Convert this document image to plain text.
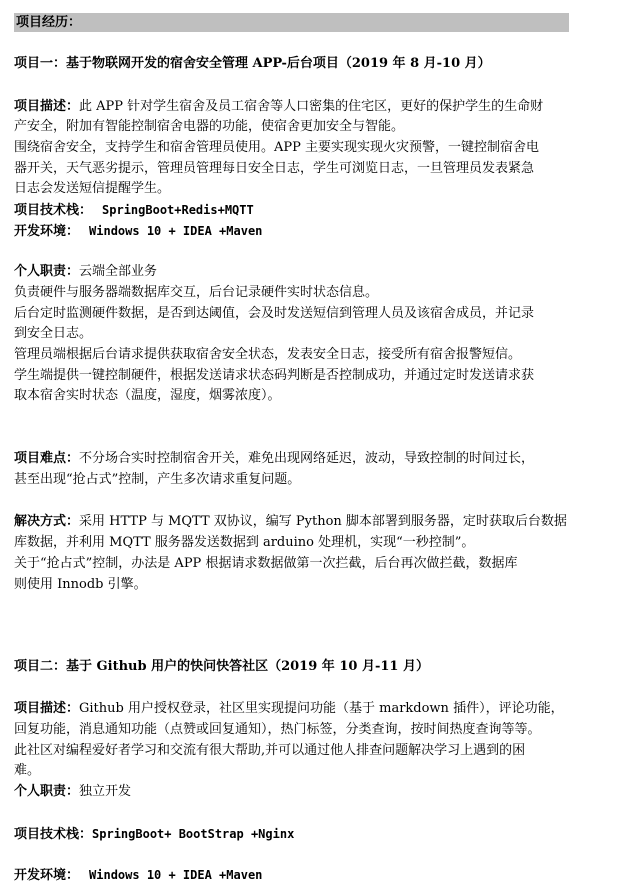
项目经历：
项目一：基于物联网开发的宿舍安全管理 APP-后台项目（2019 年 8 月-10 月）
项目描述：此 APP 针对学生宿舍及员工宿舍等人口密集的住宅区，更好的保护学生的生命财
产安全，附加有智能控制宿舍电器的功能，使宿舍更加安全与智能。
围绕宿舍安全，支持学生和宿舍管理员使用。APP 主要实现实现火灾预警，一键控制宿舍电
器开关，天气恶劣提示，管理员管理每日安全日志，学生可浏览日志，一旦管理员发表紧急
日志会发送短信提醒学生。
项目技术栈： SpringBoot+Redis+MQTT
开发环境： Windows 10 + IDEA +Maven
个人职责：云端全部业务
负责硬件与服务器端数据库交互，后台记录硬件实时状态信息。
后台定时监测硬件数据，是否到达阈值，会及时发送短信到管理人员及该宿舍成员，并记录
到安全日志。
管理员端根据后台请求提供获取宿舍安全状态，发表安全日志，接受所有宿舍报警短信。
学生端提供一键控制硬件，根据发送请求状态码判断是否控制成功，并通过定时发送请求获
取本宿舍实时状态（温度，湿度，烟雾浓度）。
项目难点：不分场合实时控制宿舍开关，难免出现网络延迟，波动，导致控制的时间过长，
甚至出现“抢占式”控制，产生多次请求重复问题。
解决方式：采用 HTTP 与 MQTT 双协议，编写 Python 脚本部署到服务器，定时获取后台数据
库数据，并利用 MQTT 服务器发送数据到 arduino 处理机，实现“一秒控制”。
关于“抢占式”控制，办法是 APP 根据请求数据做第一次拦截，后台再次做拦截，数据库
则使用 Innodb 引擎。
项目二：基于 Github 用户的快问快答社区（2019 年 10 月-11 月）
项目描述：Github 用户授权登录，社区里实现提问功能（基于 markdown 插件），评论功能，
回复功能，消息通知功能（点赞或回复通知），热门标签，分类查询，按时间热度查询等等。
此社区对编程爱好者学习和交流有很大帮助,并可以通过他人排查问题解决学习上遇到的困
难。
个人职责：独立开发
项目技术栈：SpringBoot+ BootStrap +Nginx
开发环境： Windows 10 + IDEA +Maven
